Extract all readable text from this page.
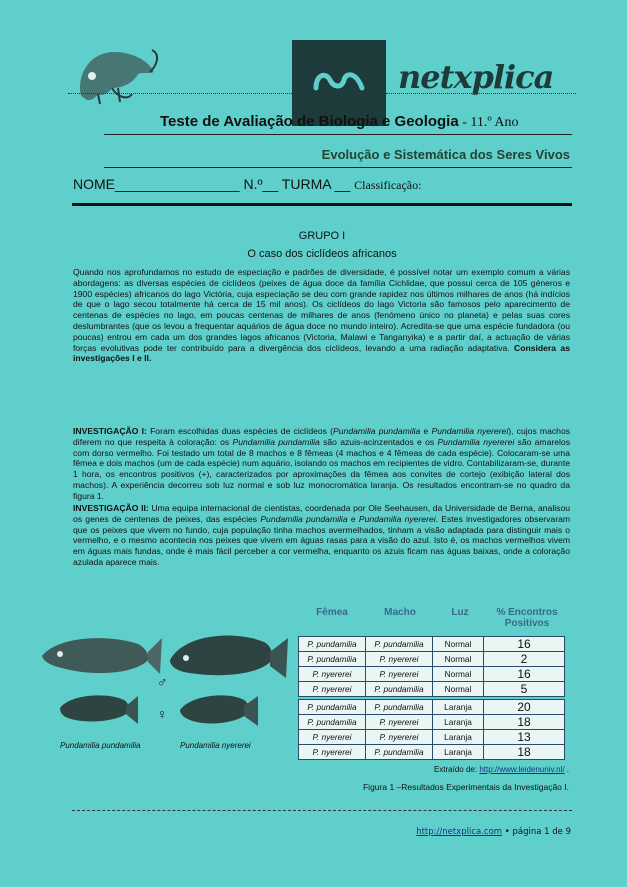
netxplica
Teste de Avaliação de Biologia e Geologia - 11.º Ano
Evolução e Sistemática dos Seres Vivos
NOME________________ N.º__ TURMA __ Classificação:
GRUPO I
O caso dos ciclídeos africanos

Quando nos aprofundamos no estudo de especiação e padrões de diversidade, é possível notar um exemplo comum a várias abordagens: as diversas espécies de ciclídeos (peixes de água doce da família Cichlidae, que possui cerca de 105 géneros e 1900 espécies) africanos do lago Victória, cuja especiação se deu com grande rapidez nos últimos milhares de anos (há indícios de que o lago secou totalmente há cerca de 15 mil anos). Os ciclídeos do lago Victoria são famosos pelo aparecimento de centenas de espécies no lago, em poucas centenas de milhares de anos (fenómeno único no planeta) e pelas suas cores deslumbrantes (que os levou a frequentar aquários de água doce no mundo inteiro). Acredita-se que uma espécie fundadora (ou poucas) entrou em cada um dos grandes lagos africanos (Victoria, Malawi e Tanganyika) e a partir daí, a actuação de várias forças evolutivas pode ter contribuído para a divergência dos ciclídeos, levando a uma radiação adaptativa. Considera as investigações I e II.

INVESTIGAÇÃO I: Foram escolhidas duas espécies de ciclídeos (Pundamilia pundamilia e Pundamilia nyererei), cujos machos diferem no que respeita à coloração: os Pundamilia pundamilia são azuis-acinzentados e os Pundamilia nyererei são amarelos com dorso vermelho. Foi testado um total de 8 machos e 8 fêmeas (4 machos e 4 fêmeas de cada espécie). Colocaram-se uma fêmea e dois machos (um de cada espécie) num aquário, isolando os machos em recipientes de vidro. Contabilizaram-se, durante 1 hora, os encontros positivos (+), caracterizados por aproximações da fêmea aos convites de cortejo (exibição lateral dos machos). A experiência decorreu sob luz normal e sob luz monocromática laranja. Os resultados encontram-se no quadro da figura 1.

INVESTIGAÇÃO II: Uma equipa internacional de cientistas, coordenada por Ole Seehausen, da Universidade de Berna, analisou os genes de centenas de peixes, das espécies Pundamilia pundamilia e Pundamilia nyererei. Estes investigadores observaram que os peixes que vivem no fundo, cuja população tinha machos avermelhados, tinham a visão adaptada para distinguir mais o vermelho, e o mesmo acontecia nos peixes que vivem em águas rasas para a visão do azul. Isto é, os machos vermelhos vivem em águas mais fundas, onde é mais fácil perceber a cor vermelha, enquanto os azuis ficam nas águas baixas, onde a coloração azulada aparece mais.

♂
♀
Pundamilia pundamilia	Pundamilia nyererei
Fêmea	Macho	Luz	% Encontros Positivos
P. pundamilia	P. pundamilia	Normal	16
P. pundamilia	P. nyererei	Normal	2
P. nyererei	P. nyererei	Normal	16
P. nyererei	P. pundamilia	Normal	5

P. pundamilia	P. pundamilia	Laranja	20
P. pundamilia	P. nyererei	Laranja	18
P. nyererei	P. nyererei	Laranja	13
P. nyererei	P. pundamilia	Laranja	18
Extraído de: http://www.leidenuniv.nl/ .
Figura 1 –Resultados Experimentais da Investigação I.
http://netxplica.com • página 1 de 9
